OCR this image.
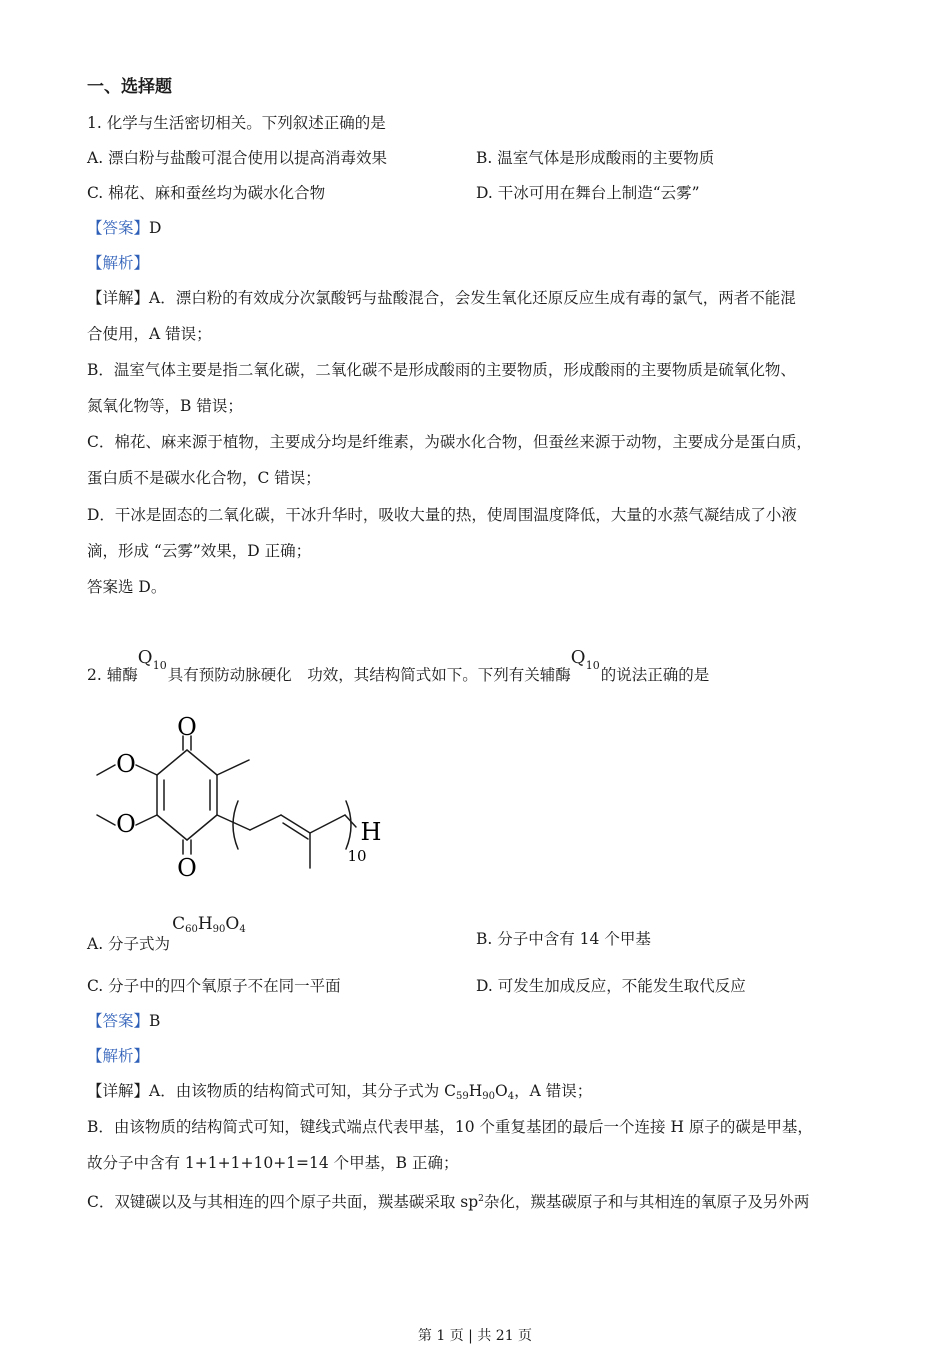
一、选择题
1. 化学与生活密切相关。下列叙述正确的是
A. 漂白粉与盐酸可混合使用以提高消毒效果	B. 温室气体是形成酸雨的主要物质
C. 棉花、麻和蚕丝均为碳水化合物	D. 干冰可用在舞台上制造“云雾”
【答案】D
【解析】
【详解】A．漂白粉的有效成分次氯酸钙与盐酸混合，会发生氧化还原反应生成有毒的氯气，两者不能混
合使用，A 错误；
B．温室气体主要是指二氧化碳，二氧化碳不是形成酸雨的主要物质，形成酸雨的主要物质是硫氧化物、
氮氧化物等，B 错误；
C．棉花、麻来源于植物，主要成分均是纤维素，为碳水化合物，但蚕丝来源于动物，主要成分是蛋白质，
蛋白质不是碳水化合物，C 错误；
D．干冰是固态的二氧化碳，干冰升华时，吸收大量的热，使周围温度降低，大量的水蒸气凝结成了小液
滴，形成 “云雾”效果，D 正确；
答案选 D。
2. 辅酶
Q 10
具有预防动脉硬化　功效，其结构简式如下。下列有关辅酶
Q 10
的说法正确的是
O
O
O
O	H
10
A. 分子式为
$C_{60}H_{90}O_4$
B. 分子中含有 14 个甲基
C. 分子中的四个氧原子不在同一平面	D. 可发生加成反应，不能发生取代反应
【答案】B
【解析】
【详解】A．由该物质的结构简式可知，其分子式为 $C_{59}H_{90}O_4$，A 错误；
B．由该物质的结构简式可知，键线式端点代表甲基，10 个重复基团的最后一个连接 H 原子的碳是甲基，
故分子中含有 1+1+1+10+1=14 个甲基，B 正确；
C．双键碳以及与其相连的四个原子共面，羰基碳采取 $sp^2$杂化，羰基碳原子和与其相连的氧原子及另外两
第 1 页 | 共 21 页
